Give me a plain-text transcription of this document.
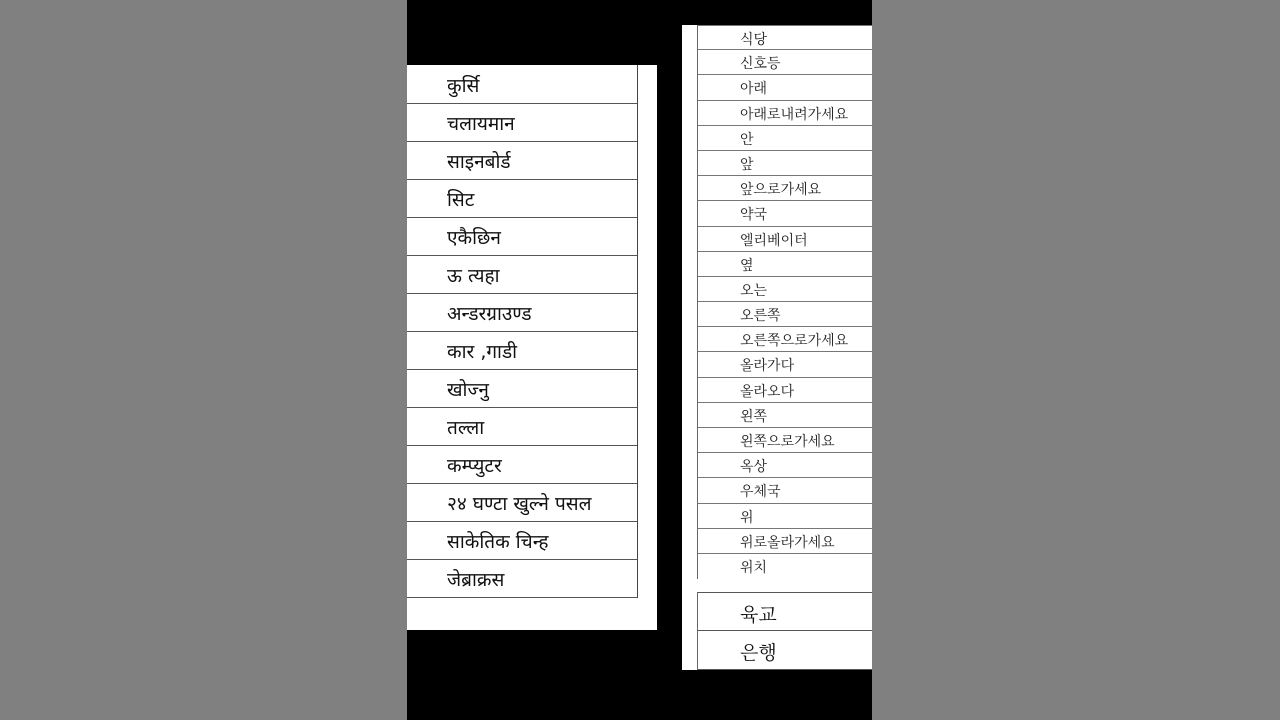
कुर्सि
चलायमान
साइनबोर्ड
सिट
एकैछिन
ऊ त्यहा
अन्डरग्राउण्ड
कार ,गाडी
खोज्नु
तल्ला
कम्प्युटर
२४ घण्टा खुल्ने पसल
साकेतिक चिन्ह
जेब्राक्रस
식당
신호등
아래
아래로내려가세요
안
앞
앞으로가세요
약국
엘리베이터
옆
오는
오른쪽
오른쪽으로가세요
올라가다
올라오다
왼쪽
왼쪽으로가세요
옥상
우체국
위
위로올라가세요
위치
육교
은행
